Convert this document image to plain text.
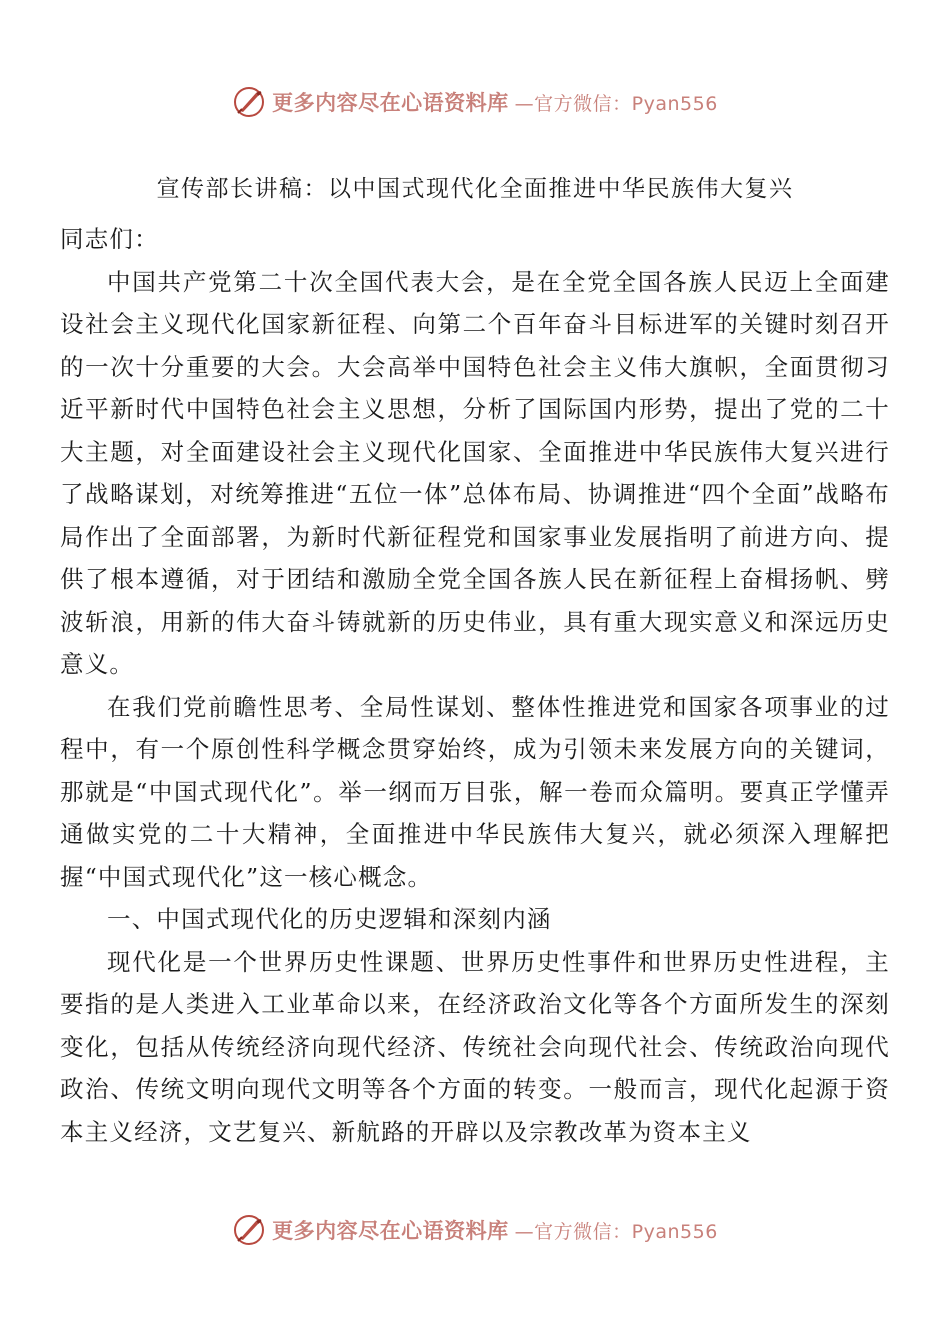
更多内容尽在心语资料库 —官方微信：Pyan556
宣传部长讲稿：以中国式现代化全面推进中华民族伟大复兴

同志们：

中国共产党第二十次全国代表大会，是在全党全国各族人民迈上全面建设社会主义现代化国家新征程、向第二个百年奋斗目标进军的关键时刻召开的一次十分重要的大会。大会高举中国特色社会主义伟大旗帜，全面贯彻习近平新时代中国特色社会主义思想，分析了国际国内形势，提出了党的二十大主题，对全面建设社会主义现代化国家、全面推进中华民族伟大复兴进行了战略谋划，对统筹推进“五位一体”总体布局、协调推进“四个全面”战略布局作出了全面部署，为新时代新征程党和国家事业发展指明了前进方向、提供了根本遵循，对于团结和激励全党全国各族人民在新征程上奋楫扬帆、劈波斩浪，用新的伟大奋斗铸就新的历史伟业，具有重大现实意义和深远历史意义。

在我们党前瞻性思考、全局性谋划、整体性推进党和国家各项事业的过程中，有一个原创性科学概念贯穿始终，成为引领未来发展方向的关键词，那就是“中国式现代化”。举一纲而万目张，解一卷而众篇明。要真正学懂弄通做实党的二十大精神，全面推进中华民族伟大复兴，就必须深入理解把握“中国式现代化”这一核心概念。

一、中国式现代化的历史逻辑和深刻内涵

现代化是一个世界历史性课题、世界历史性事件和世界历史性进程，主要指的是人类进入工业革命以来，在经济政治文化等各个方面所发生的深刻变化，包括从传统经济向现代经济、传统社会向现代社会、传统政治向现代政治、传统文明向现代文明等各个方面的转变。一般而言，现代化起源于资本主义经济，文艺复兴、新航路的开辟以及宗教改革为资本主义

更多内容尽在心语资料库 —官方微信：Pyan556
